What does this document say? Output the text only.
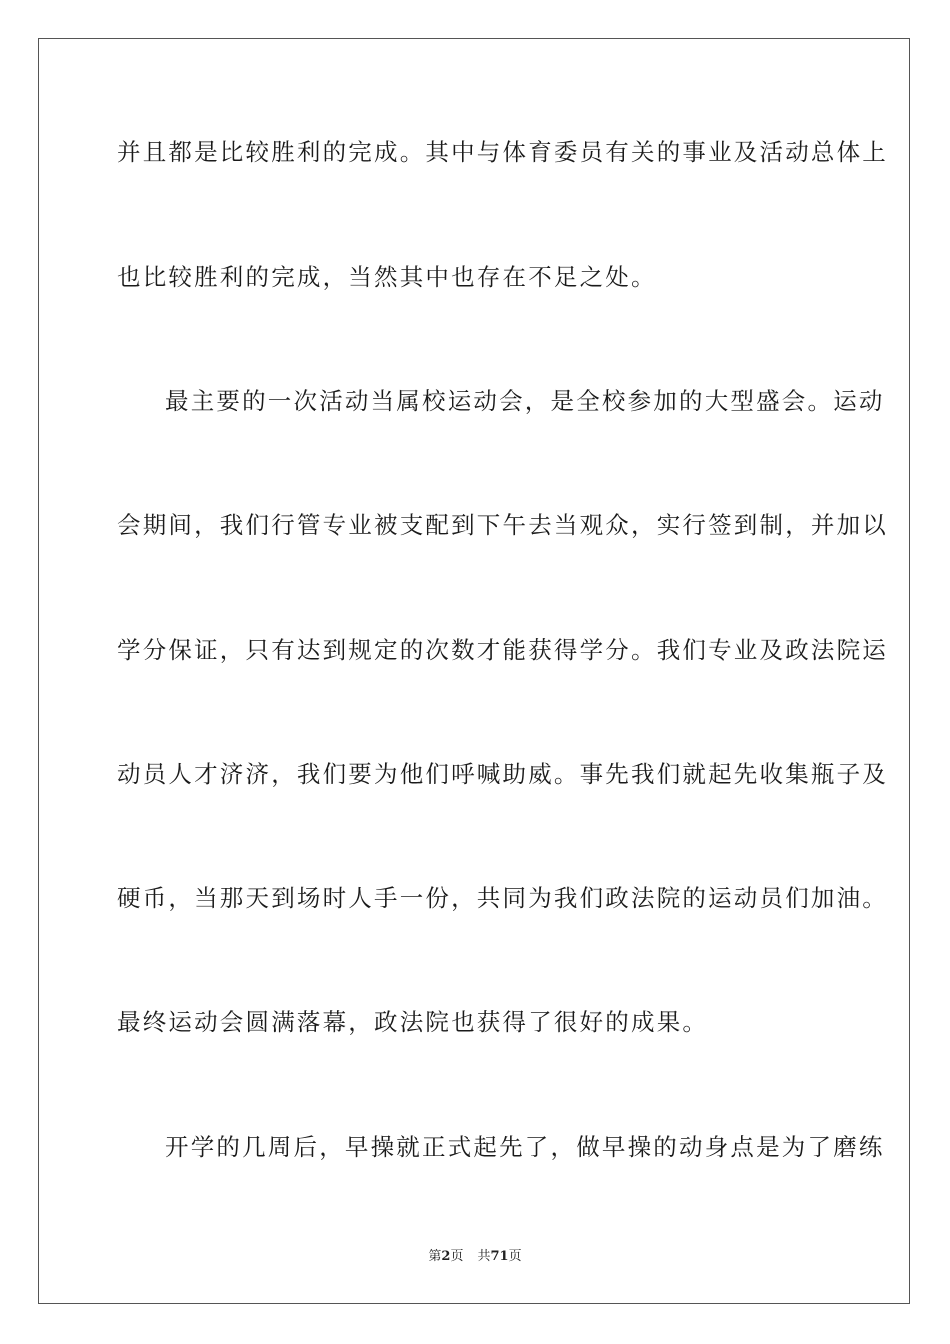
并且都是比较胜利的完成。其中与体育委员有关的事业及活动总体上
也比较胜利的完成，当然其中也存在不足之处。
最主要的一次活动当属校运动会，是全校参加的大型盛会。运动
会期间，我们行管专业被支配到下午去当观众，实行签到制，并加以
学分保证，只有达到规定的次数才能获得学分。我们专业及政法院运
动员人才济济，我们要为他们呼喊助威。事先我们就起先收集瓶子及
硬币，当那天到场时人手一份，共同为我们政法院的运动员们加油。
最终运动会圆满落幕，政法院也获得了很好的成果。
开学的几周后，早操就正式起先了，做早操的动身点是为了磨练
第2页 共71页
